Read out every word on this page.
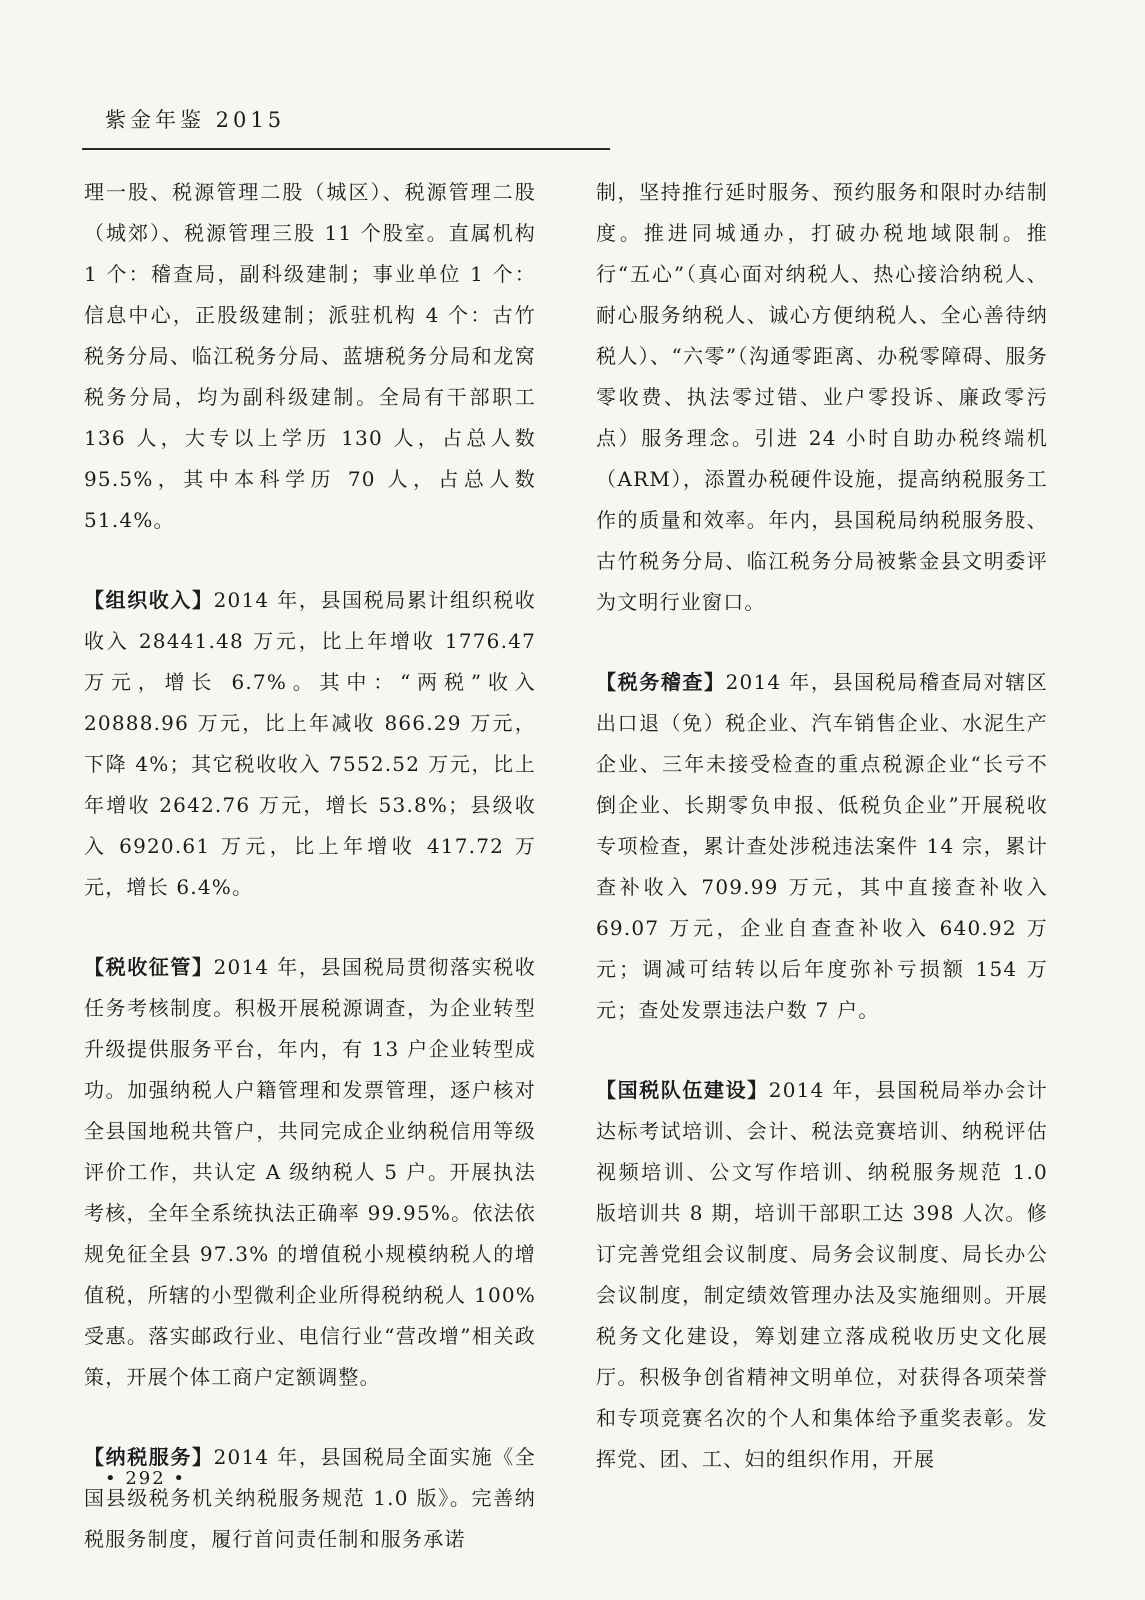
紫金年鉴 2015

理一股、税源管理二股（城区）、税源管理二股（城郊）、税源管理三股 11 个股室。直属机构 1 个：稽查局，副科级建制；事业单位 1 个：信息中心，正股级建制；派驻机构 4 个：古竹税务分局、临江税务分局、蓝塘税务分局和龙窝税务分局，均为副科级建制。全局有干部职工 136 人，大专以上学历 130 人，占总人数 95.5%，其中本科学历 70 人，占总人数 51.4%。

【组织收入】2014 年，县国税局累计组织税收收入 28441.48 万元，比上年增收 1776.47 万元，增长 6.7%。其中：“两税”收入 20888.96 万元，比上年减收 866.29 万元，下降 4%；其它税收收入 7552.52 万元，比上年增收 2642.76 万元，增长 53.8%；县级收入 6920.61 万元，比上年增收 417.72 万元，增长 6.4%。

【税收征管】2014 年，县国税局贯彻落实税收任务考核制度。积极开展税源调查，为企业转型升级提供服务平台，年内，有 13 户企业转型成功。加强纳税人户籍管理和发票管理，逐户核对全县国地税共管户，共同完成企业纳税信用等级评价工作，共认定 A 级纳税人 5 户。开展执法考核，全年全系统执法正确率 99.95%。依法依规免征全县 97.3% 的增值税小规模纳税人的增值税，所辖的小型微利企业所得税纳税人 100% 受惠。落实邮政行业、电信行业“营改增”相关政策，开展个体工商户定额调整。

【纳税服务】2014 年，县国税局全面实施《全国县级税务机关纳税服务规范 1.0 版》。完善纳税服务制度，履行首问责任制和服务承诺

制，坚持推行延时服务、预约服务和限时办结制度。推进同城通办，打破办税地域限制。推行“五心”（真心面对纳税人、热心接洽纳税人、耐心服务纳税人、诚心方便纳税人、全心善待纳税人）、“六零”（沟通零距离、办税零障碍、服务零收费、执法零过错、业户零投诉、廉政零污点）服务理念。引进 24 小时自助办税终端机（ARM），添置办税硬件设施，提高纳税服务工作的质量和效率。年内，县国税局纳税服务股、古竹税务分局、临江税务分局被紫金县文明委评为文明行业窗口。

【税务稽查】2014 年，县国税局稽查局对辖区出口退（免）税企业、汽车销售企业、水泥生产企业、三年未接受检查的重点税源企业“长亏不倒企业、长期零负申报、低税负企业”开展税收专项检查，累计查处涉税违法案件 14 宗，累计查补收入 709.99 万元，其中直接查补收入 69.07 万元，企业自查查补收入 640.92 万元；调减可结转以后年度弥补亏损额 154 万元；查处发票违法户数 7 户。

【国税队伍建设】2014 年，县国税局举办会计达标考试培训、会计、税法竞赛培训、纳税评估视频培训、公文写作培训、纳税服务规范 1.0 版培训共 8 期，培训干部职工达 398 人次。修订完善党组会议制度、局务会议制度、局长办公会议制度，制定绩效管理办法及实施细则。开展税务文化建设，筹划建立落成税收历史文化展厅。积极争创省精神文明单位，对获得各项荣誉和专项竞赛名次的个人和集体给予重奖表彰。发挥党、团、工、妇的组织作用，开展

• 292 •
